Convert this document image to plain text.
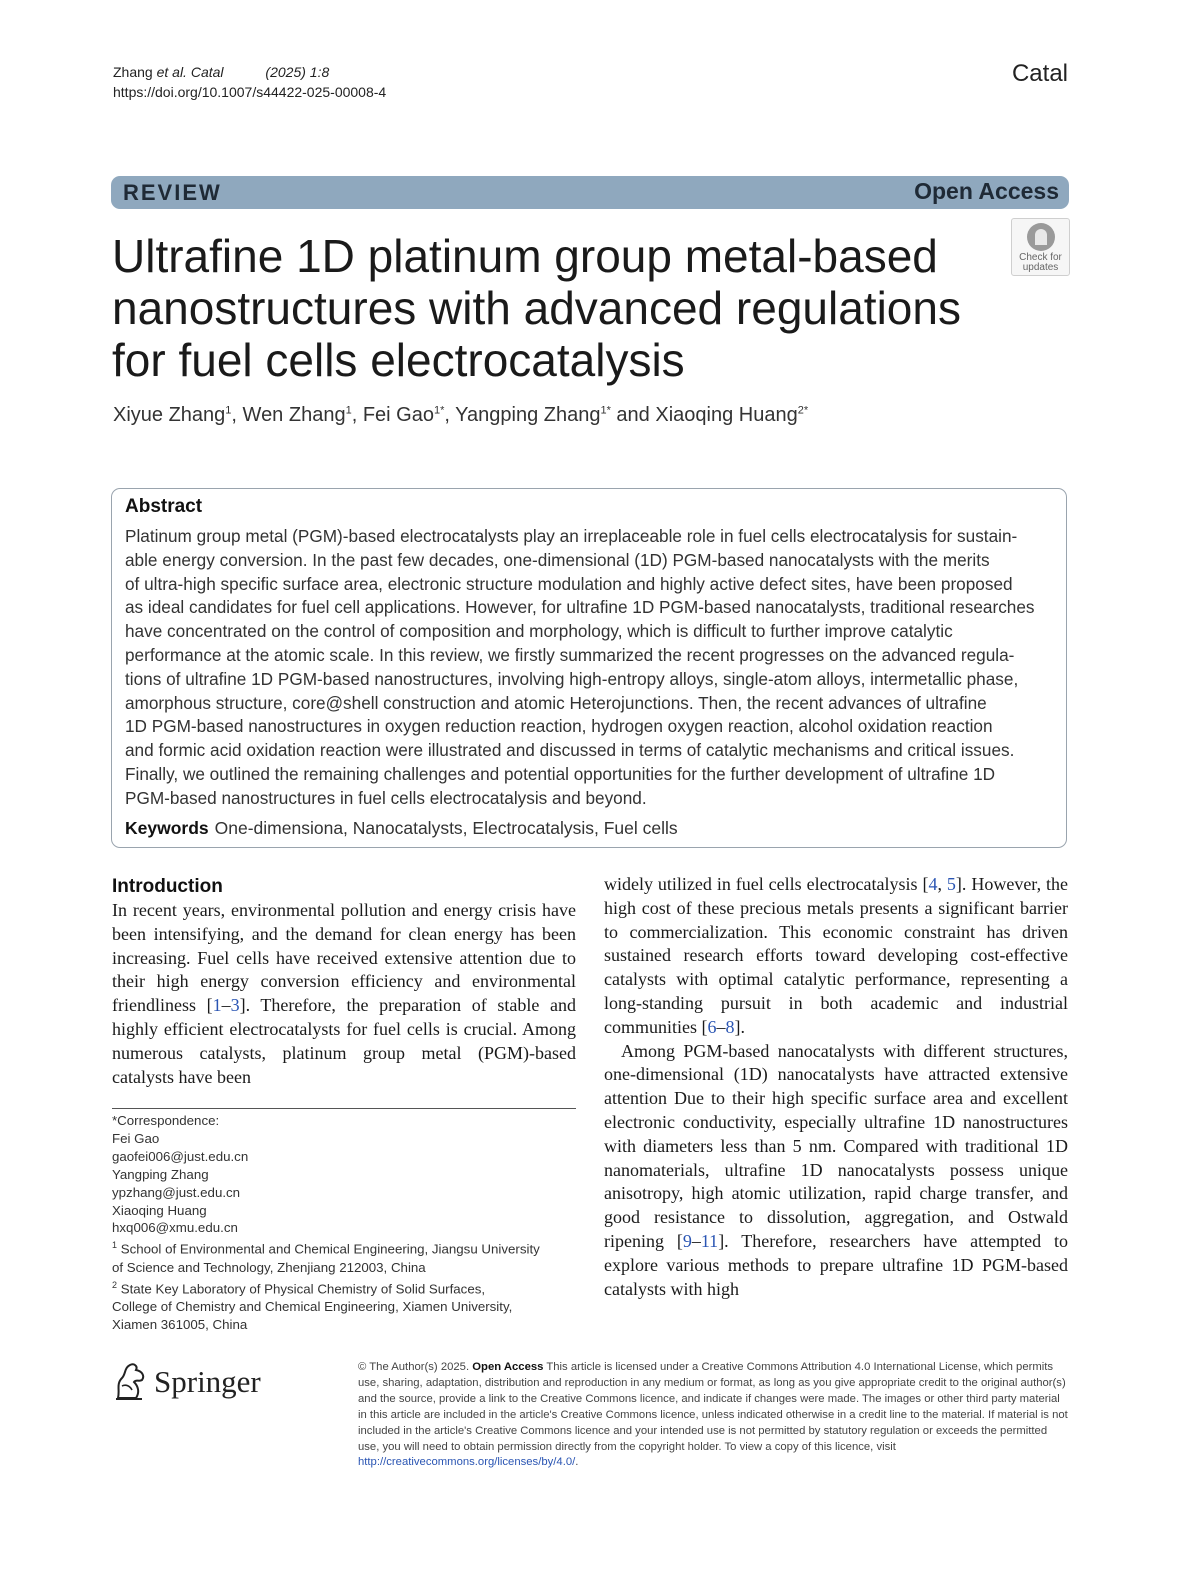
Zhang et al. Catal	(2025) 1:8
https://doi.org/10.1007/s44422-025-00008-4
Catal
REVIEW	Open Access
Ultrafine 1D platinum group metal-based nanostructures with advanced regulations for fuel cells electrocatalysis
Check for
updates
Xiyue Zhang$^1$, Wen Zhang$^1$, Fei Gao$^{1*}$, Yangping Zhang$^{1*}$ and Xiaoqing Huang$^{2*}$
Abstract
Platinum group metal (PGM)-based electrocatalysts play an irreplaceable role in fuel cells electrocatalysis for sustain-
able energy conversion. In the past few decades, one-dimensional (1D) PGM-based nanocatalysts with the merits
of ultra-high specific surface area, electronic structure modulation and highly active defect sites, have been proposed
as ideal candidates for fuel cell applications. However, for ultrafine 1D PGM-based nanocatalysts, traditional researches
have concentrated on the control of composition and morphology, which is difficult to further improve catalytic
performance at the atomic scale. In this review, we firstly summarized the recent progresses on the advanced regula-
tions of ultrafine 1D PGM-based nanostructures, involving high-entropy alloys, single-atom alloys, intermetallic phase,
amorphous structure, core@shell construction and atomic Heterojunctions. Then, the recent advances of ultrafine
1D PGM-based nanostructures in oxygen reduction reaction, hydrogen oxygen reaction, alcohol oxidation reaction
and formic acid oxidation reaction were illustrated and discussed in terms of catalytic mechanisms and critical issues.
Finally, we outlined the remaining challenges and potential opportunities for the further development of ultrafine 1D
PGM-based nanostructures in fuel cells electrocatalysis and beyond.
Keywords One-dimensiona, Nanocatalysts, Electrocatalysis, Fuel cells
Introduction

In recent years, environmental pollution and energy crisis have been intensifying, and the demand for clean energy has been increasing. Fuel cells have received extensive attention due to their high energy conversion efficiency and environmental friendliness [1–3]. Therefore, the preparation of stable and highly efficient electrocatalysts for fuel cells is crucial. Among numerous catalysts, platinum group metal (PGM)-based catalysts have been

widely utilized in fuel cells electrocatalysis [4, 5]. However, the high cost of these precious metals presents a significant barrier to commercialization. This economic constraint has driven sustained research efforts toward developing cost-effective catalysts with optimal catalytic performance, representing a long-standing pursuit in both academic and industrial communities [6–8].

Among PGM-based nanocatalysts with different structures, one-dimensional (1D) nanocatalysts have attracted extensive attention Due to their high specific surface area and excellent electronic conductivity, especially ultrafine 1D nanostructures with diameters less than 5 nm. Compared with traditional 1D nanomaterials, ultrafine 1D nanocatalysts possess unique anisotropy, high atomic utilization, rapid charge transfer, and good resistance to dissolution, aggregation, and Ostwald ripening [9–11]. Therefore, researchers have attempted to explore various methods to prepare ultrafine 1D PGM-based catalysts with high

*Correspondence:
Fei Gao
gaofei006@just.edu.cn
Yangping Zhang
ypzhang@just.edu.cn
Xiaoqing Huang
hxq006@xmu.edu.cn
$^1$ School of Environmental and Chemical Engineering, Jiangsu University
of Science and Technology, Zhenjiang 212003, China
$^2$ State Key Laboratory of Physical Chemistry of Solid Surfaces,
College of Chemistry and Chemical Engineering, Xiamen University,
Xiamen 361005, China
Springer	© The Author(s) 2025. Open Access This article is licensed under a Creative Commons Attribution 4.0 International License, which permits use, sharing, adaptation, distribution and reproduction in any medium or format, as long as you give appropriate credit to the original author(s) and the source, provide a link to the Creative Commons licence, and indicate if changes were made. The images or other third party material in this article are included in the article's Creative Commons licence, unless indicated otherwise in a credit line to the material. If material is not included in the article's Creative Commons licence and your intended use is not permitted by statutory regulation or exceeds the permitted use, you will need to obtain permission directly from the copyright holder. To view a copy of this licence, visit http://creativecommons.org/licenses/by/4.0/.
